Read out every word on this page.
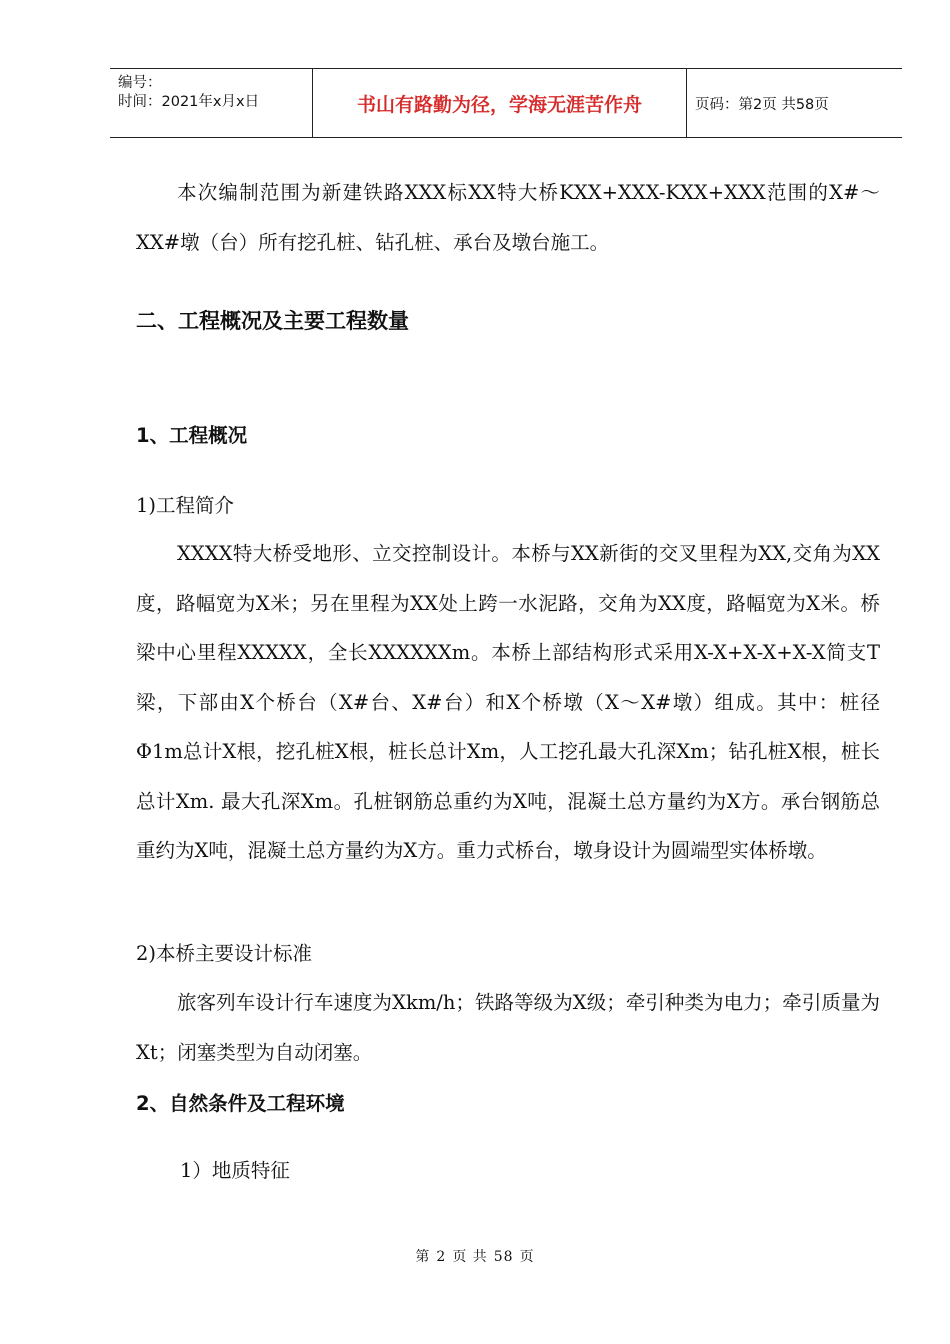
编号：
时间：2021年x月x日	书山有路勤为径，学海无涯苦作舟	页码：第2页 共58页

本次编制范围为新建铁路XXX标XX特大桥KXX+XXX-KXX+XXX范围的X#～XX#墩（台）所有挖孔桩、钻孔桩、承台及墩台施工。

二、工程概况及主要工程数量
1、工程概况

1)工程简介

XXXX特大桥受地形、立交控制设计。本桥与XX新街的交叉里程为XX,交角为XX度，路幅宽为X米；另在里程为XX处上跨一水泥路，交角为XX度，路幅宽为X米。桥梁中心里程XXXXX，全长XXXXXXm。本桥上部结构形式采用X-X+X-X+X-X简支T梁，下部由X个桥台（X#台、X#台）和X个桥墩（X～X#墩）组成。其中：桩径Φ1m总计X根，挖孔桩X根，桩长总计Xm，人工挖孔最大孔深Xm；钻孔桩X根，桩长总计Xm. 最大孔深Xm。孔桩钢筋总重约为X吨，混凝土总方量约为X方。承台钢筋总重约为X吨，混凝土总方量约为X方。重力式桥台，墩身设计为圆端型实体桥墩。

2)本桥主要设计标准

旅客列车设计行车速度为Xkm/h；铁路等级为X级；牵引种类为电力；牵引质量为Xt；闭塞类型为自动闭塞。

2、自然条件及工程环境

1）地质特征

第 2 页 共 58 页
